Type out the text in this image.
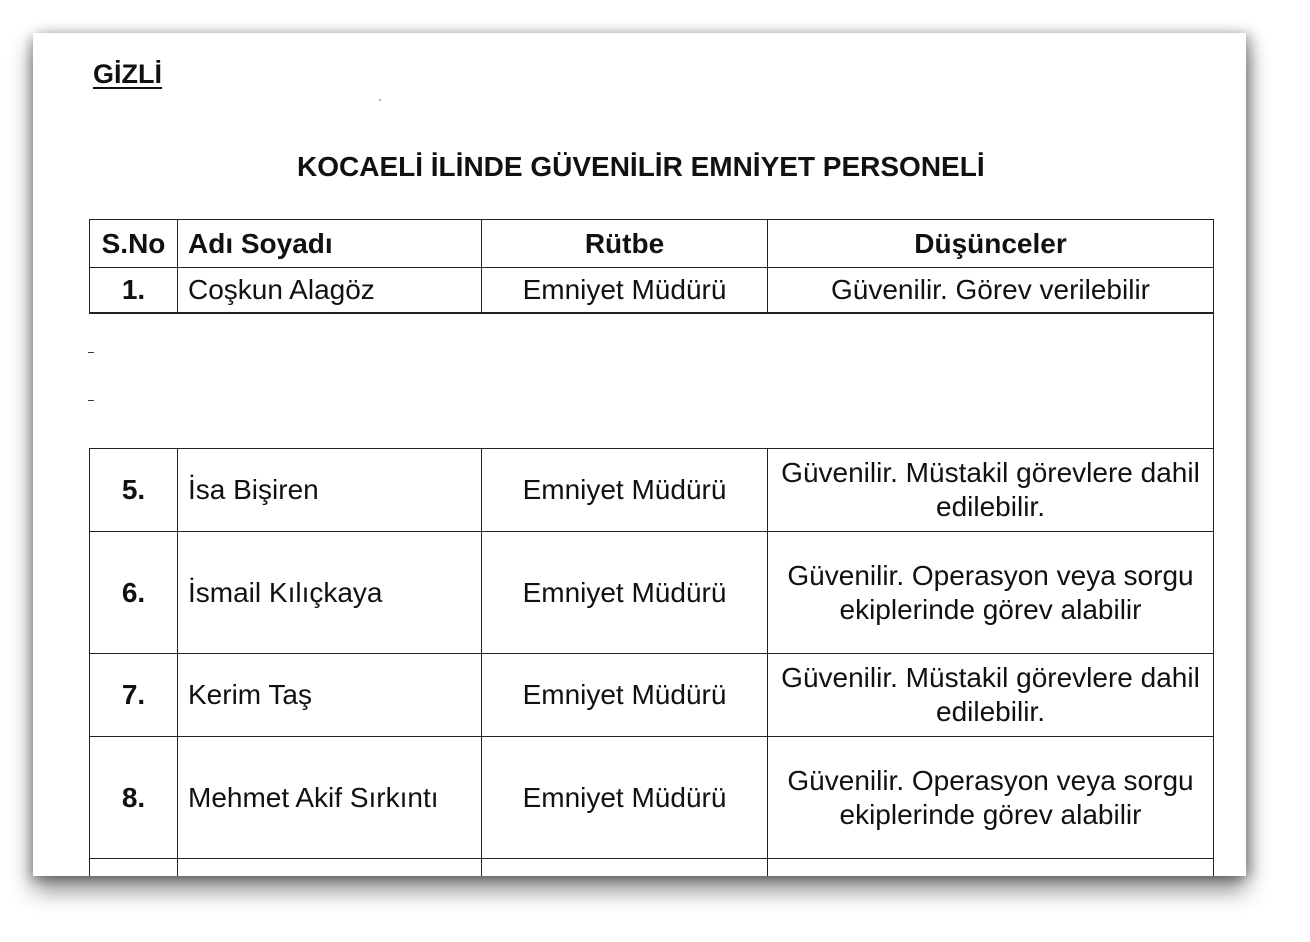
GİZLİ
KOCAELİ İLİNDE GÜVENİLİR EMNİYET PERSONELİ
S.No	Adı Soyadı	Rütbe	Düşünceler
1.	Coşkun Alagöz	Emniyet Müdürü	Güvenilir. Görev verilebilir

5.	İsa Bişiren	Emniyet Müdürü	Güvenilir. Müstakil görevlere dahil edilebilir.
6.	İsmail Kılıçkaya	Emniyet Müdürü	Güvenilir. Operasyon veya sorgu ekiplerinde görev alabilir
7.	Kerim Taş	Emniyet Müdürü	Güvenilir. Müstakil görevlere dahil edilebilir.
8.	Mehmet Akif Sırkıntı	Emniyet Müdürü	Güvenilir. Operasyon veya sorgu ekiplerinde görev alabilir
